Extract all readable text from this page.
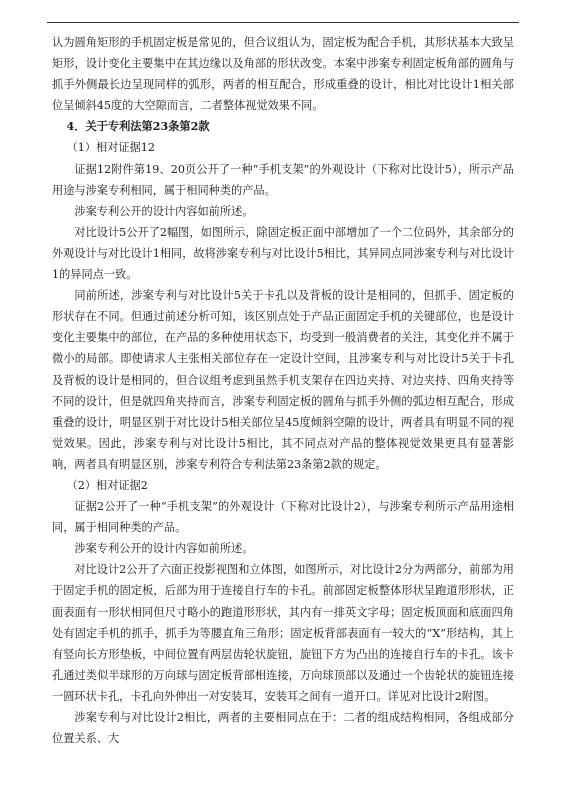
认为圆角矩形的手机固定板是常见的，但合议组认为，固定板为配合手机，其形状基本大致呈矩形，设计变化主要集中在其边缘以及角部的形状改变。本案中涉案专利固定板角部的圆角与抓手外侧最长边呈现同样的弧形，两者的相互配合，形成重叠的设计，相比对比设计1相关部位呈倾斜45度的大空隙而言，二者整体视觉效果不同。

4．关于专利法第23条第2款

（1）相对证据12

证据12附件第19、20页公开了一种“手机支架”的外观设计（下称对比设计5），所示产品用途与涉案专利相同，属于相同种类的产品。

涉案专利公开的设计内容如前所述。

对比设计5公开了2幅图，如图所示，除固定板正面中部增加了一个二位码外，其余部分的外观设计与对比设计1相同，故将涉案专利与对比设计5相比，其异同点同涉案专利与对比设计1的异同点一致。

同前所述，涉案专利与对比设计5关于卡孔以及背板的设计是相同的，但抓手、固定板的形状存在不同。但通过前述分析可知，该区别点处于产品正面固定手机的关键部位，也是设计变化主要集中的部位，在产品的多种使用状态下，均受到一般消费者的关注，其变化并不属于微小的局部。即使请求人主张相关部位存在一定设计空间，且涉案专利与对比设计5关于卡孔及背板的设计是相同的，但合议组考虑到虽然手机支架存在四边夹持、对边夹持、四角夹持等不同的设计，但是就四角夹持而言，涉案专利固定板的圆角与抓手外侧的弧边相互配合，形成重叠的设计，明显区别于对比设计5相关部位呈45度倾斜空隙的设计，两者具有明显不同的视觉效果。因此，涉案专利与对比设计5相比，其不同点对产品的整体视觉效果更具有显著影响，两者具有明显区别，涉案专利符合专利法第23条第2款的规定。

（2）相对证据2

证据2公开了一种“手机支架”的外观设计（下称对比设计2），与涉案专利所示产品用途相同，属于相同种类的产品。

涉案专利公开的设计内容如前所述。

对比设计2公开了六面正投影视图和立体图，如图所示，对比设计2分为两部分，前部为用于固定手机的固定板，后部为用于连接自行车的卡孔。前部固定板整体形状呈跑道形形状，正面表面有一形状相同但尺寸略小的跑道形形状，其内有一排英文字母；固定板顶面和底面四角处有固定手机的抓手，抓手为等腰直角三角形；固定板背部表面有一较大的“X”形结构，其上有竖向长方形垫板，中间位置有两层齿轮状旋钮，旋钮下方为凸出的连接自行车的卡孔。该卡孔通过类似半球形的万向球与固定板背部相连接，万向球顶部以及通过一个齿轮状的旋钮连接一圆环状卡孔，卡孔向外伸出一对安装耳，安装耳之间有一道开口。详见对比设计2附图。

涉案专利与对比设计2相比，两者的主要相同点在于：二者的组成结构相同，各组成部分位置关系、大
